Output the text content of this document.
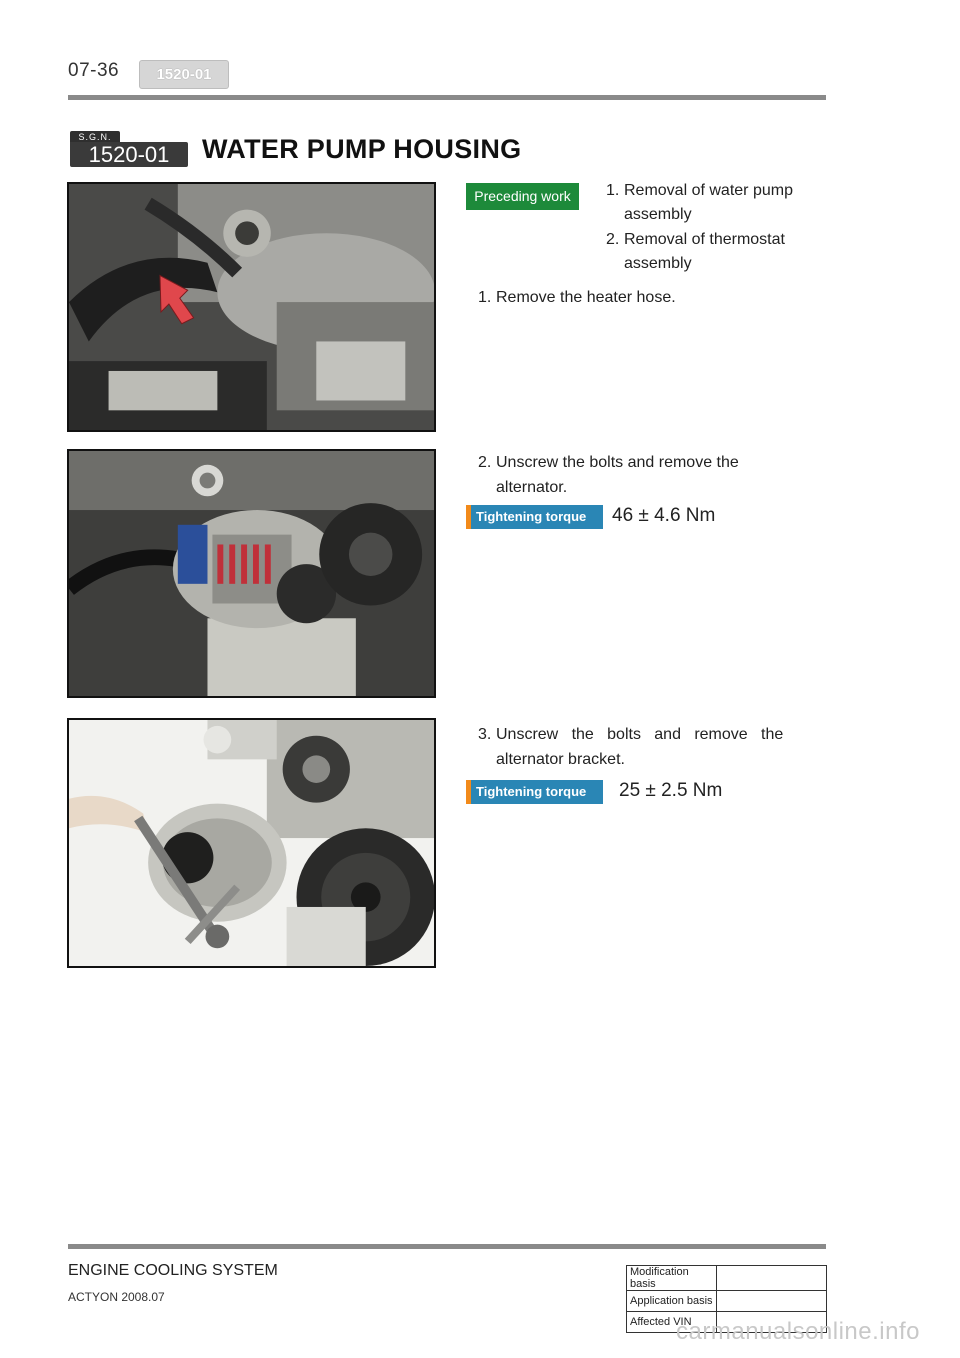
07-36	1520-01
S.G.N.
1520-01	WATER PUMP HOUSING
Preceding work	1. Removal of water pump
assembly
2. Removal of thermostat
assembly
1. Remove the heater hose.
2. Unscrew the bolts and remove the
alternator.
Tightening torque	46 ± 4.6 Nm
3. Unscrew   the   bolts   and   remove   the
alternator bracket.
Tightening torque	25 ± 2.5 Nm
ENGINE COOLING SYSTEM
ACTYON 2008.07
Modification basis	
Application basis	
Affected VIN	
carmanualsonline.info
